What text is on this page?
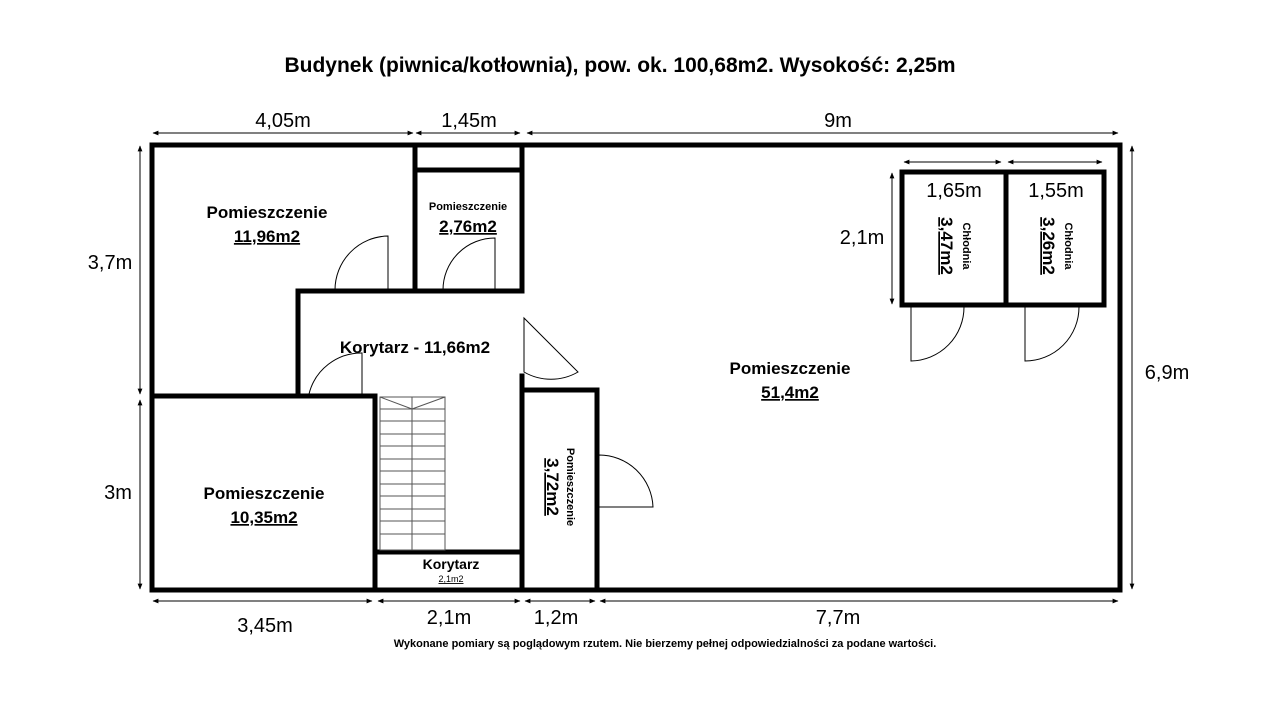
Budynek (piwnica/kotłownia), pow. ok. 100,68m2. Wysokość: 2,25m
4,05m	1,45m	9m
3,7m
3m
6,9m
3,45m	2,1m	1,2m	7,7m
1,65m 1,55m
2,1m
Pomieszczenie
11,96m2
Pomieszczenie
2,76m2
Korytarz - 11,66m2
Pomieszczenie
10,35m2
Korytarz
2,1m2
Pomieszczenie
3,72m2
Pomieszczenie
51,4m2
Chłodnia
3,47m2	Chłodnia
3,26m2
Wykonane pomiary są poglądowym rzutem. Nie bierzemy pełnej odpowiedzialności za podane wartości.
